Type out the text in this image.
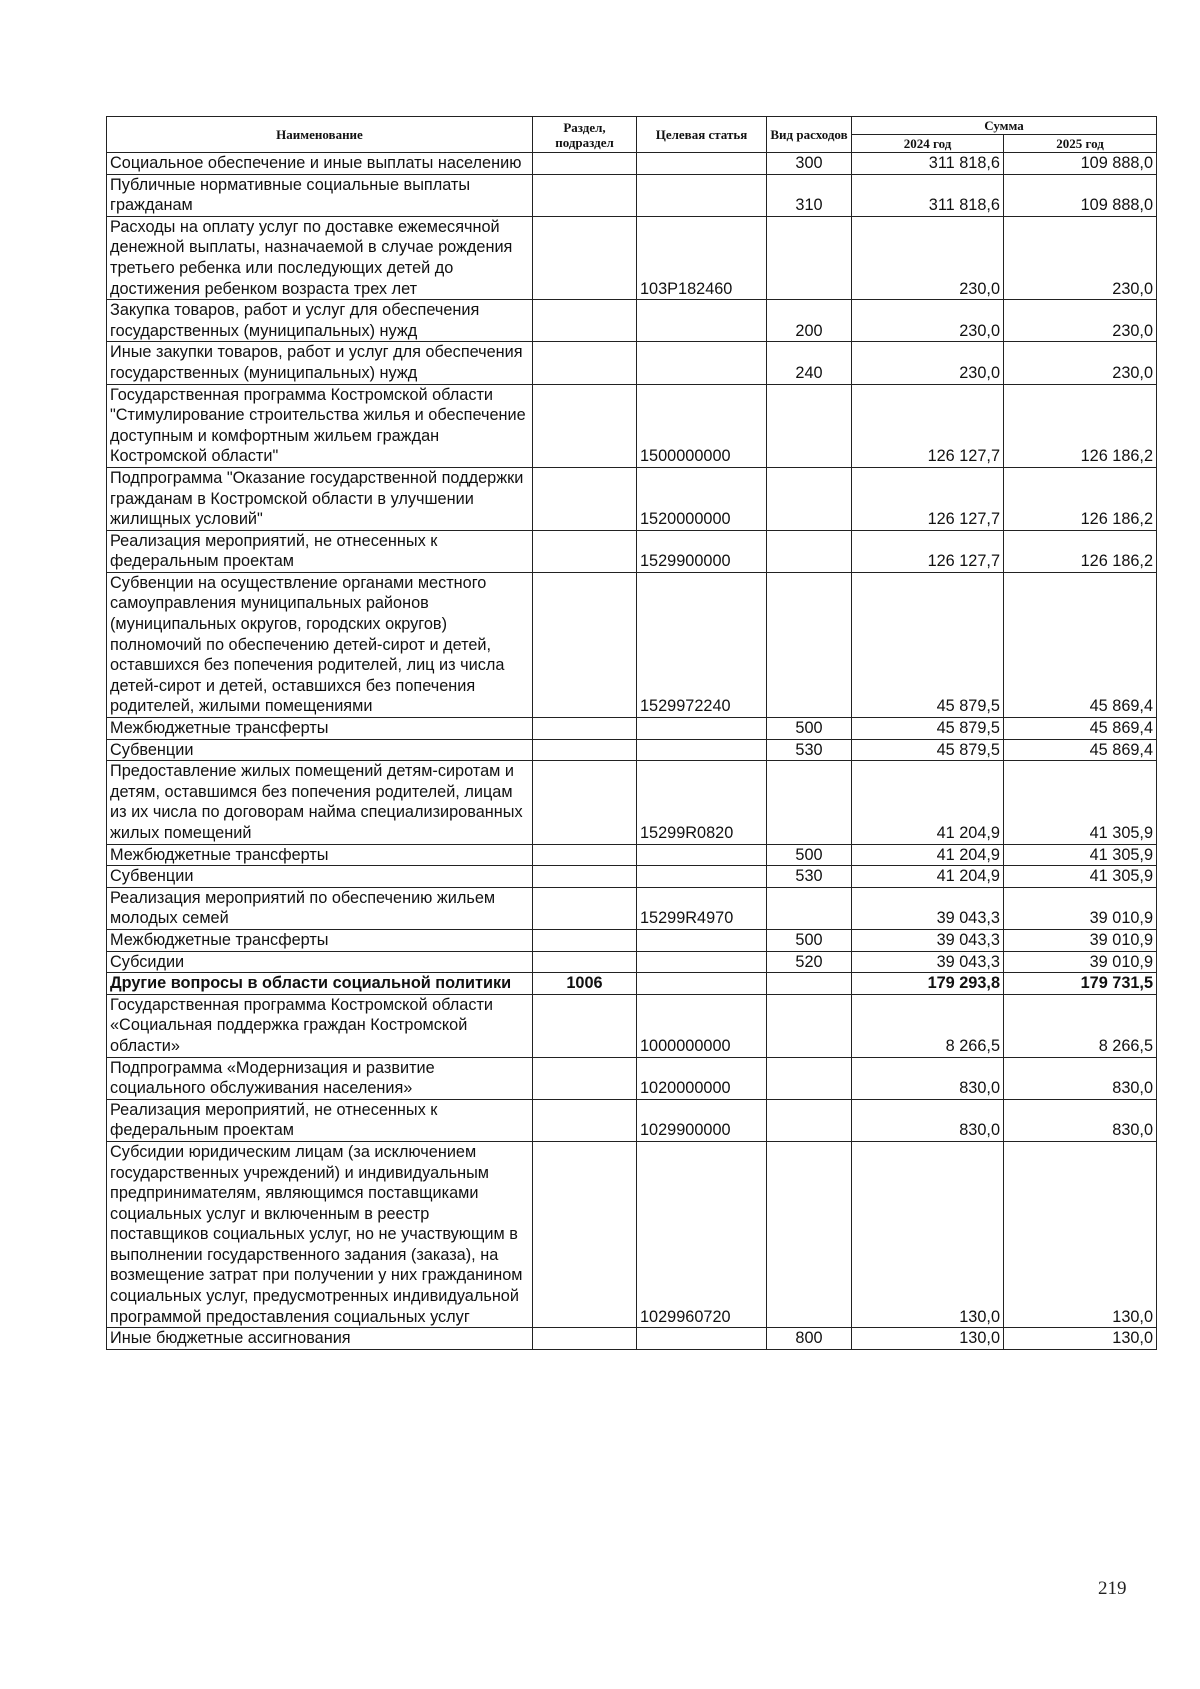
Наименование	Раздел, подраздел	Целевая статья	Вид расходов	Сумма	
				2024 год	2025 год
Социальное обеспечение и иные выплаты населению			300	311 818,6	109 888,0
Публичные нормативные социальные выплаты гражданам			310	311 818,6	109 888,0
Расходы на оплату услуг по доставке ежемесячной денежной выплаты, назначаемой в случае рождения третьего ребенка или последующих детей до достижения ребенком возраста трех лет		103Р182460		230,0	230,0
Закупка товаров, работ и услуг для обеспечения государственных (муниципальных) нужд			200	230,0	230,0
Иные закупки товаров, работ и услуг для обеспечения государственных (муниципальных) нужд			240	230,0	230,0
Государственная программа Костромской области "Стимулирование строительства жилья и обеспечение доступным и комфортным жильем граждан Костромской области"		1500000000		126 127,7	126 186,2
Подпрограмма "Оказание государственной поддержки гражданам в Костромской области в улучшении жилищных условий"		1520000000		126 127,7	126 186,2
Реализация мероприятий, не отнесенных к федеральным проектам		1529900000		126 127,7	126 186,2
Субвенции на осуществление органами местного самоуправления муниципальных районов (муниципальных округов, городских округов) полномочий по обеспечению детей-сирот и детей, оставшихся без попечения родителей, лиц из числа детей-сирот и детей, оставшихся без попечения родителей, жилыми помещениями		1529972240		45 879,5	45 869,4
Межбюджетные трансферты			500	45 879,5	45 869,4
Субвенции			530	45 879,5	45 869,4
Предоставление жилых помещений детям-сиротам и детям, оставшимся без попечения родителей, лицам из их числа по договорам найма специализированных жилых помещений		15299R0820		41 204,9	41 305,9
Межбюджетные трансферты			500	41 204,9	41 305,9
Субвенции			530	41 204,9	41 305,9
Реализация мероприятий по обеспечению жильем молодых семей		15299R4970		39 043,3	39 010,9
Межбюджетные трансферты			500	39 043,3	39 010,9
Субсидии			520	39 043,3	39 010,9
Другие вопросы в области социальной политики	1006			179 293,8	179 731,5
Государственная программа Костромской области «Социальная поддержка граждан Костромской области»		1000000000		8 266,5	8 266,5
Подпрограмма «Модернизация и развитие социального обслуживания населения»		1020000000		830,0	830,0
Реализация мероприятий, не отнесенных к федеральным проектам		1029900000		830,0	830,0
Субсидии юридическим лицам (за исключением государственных учреждений) и индивидуальным предпринимателям, являющимся поставщиками социальных услуг и включенным в реестр поставщиков социальных услуг, но не участвующим в выполнении государственного задания (заказа), на возмещение затрат при получении у них гражданином социальных услуг, предусмотренных индивидуальной программой предоставления социальных услуг		1029960720		130,0	130,0
Иные бюджетные ассигнования			800	130,0	130,0
219
